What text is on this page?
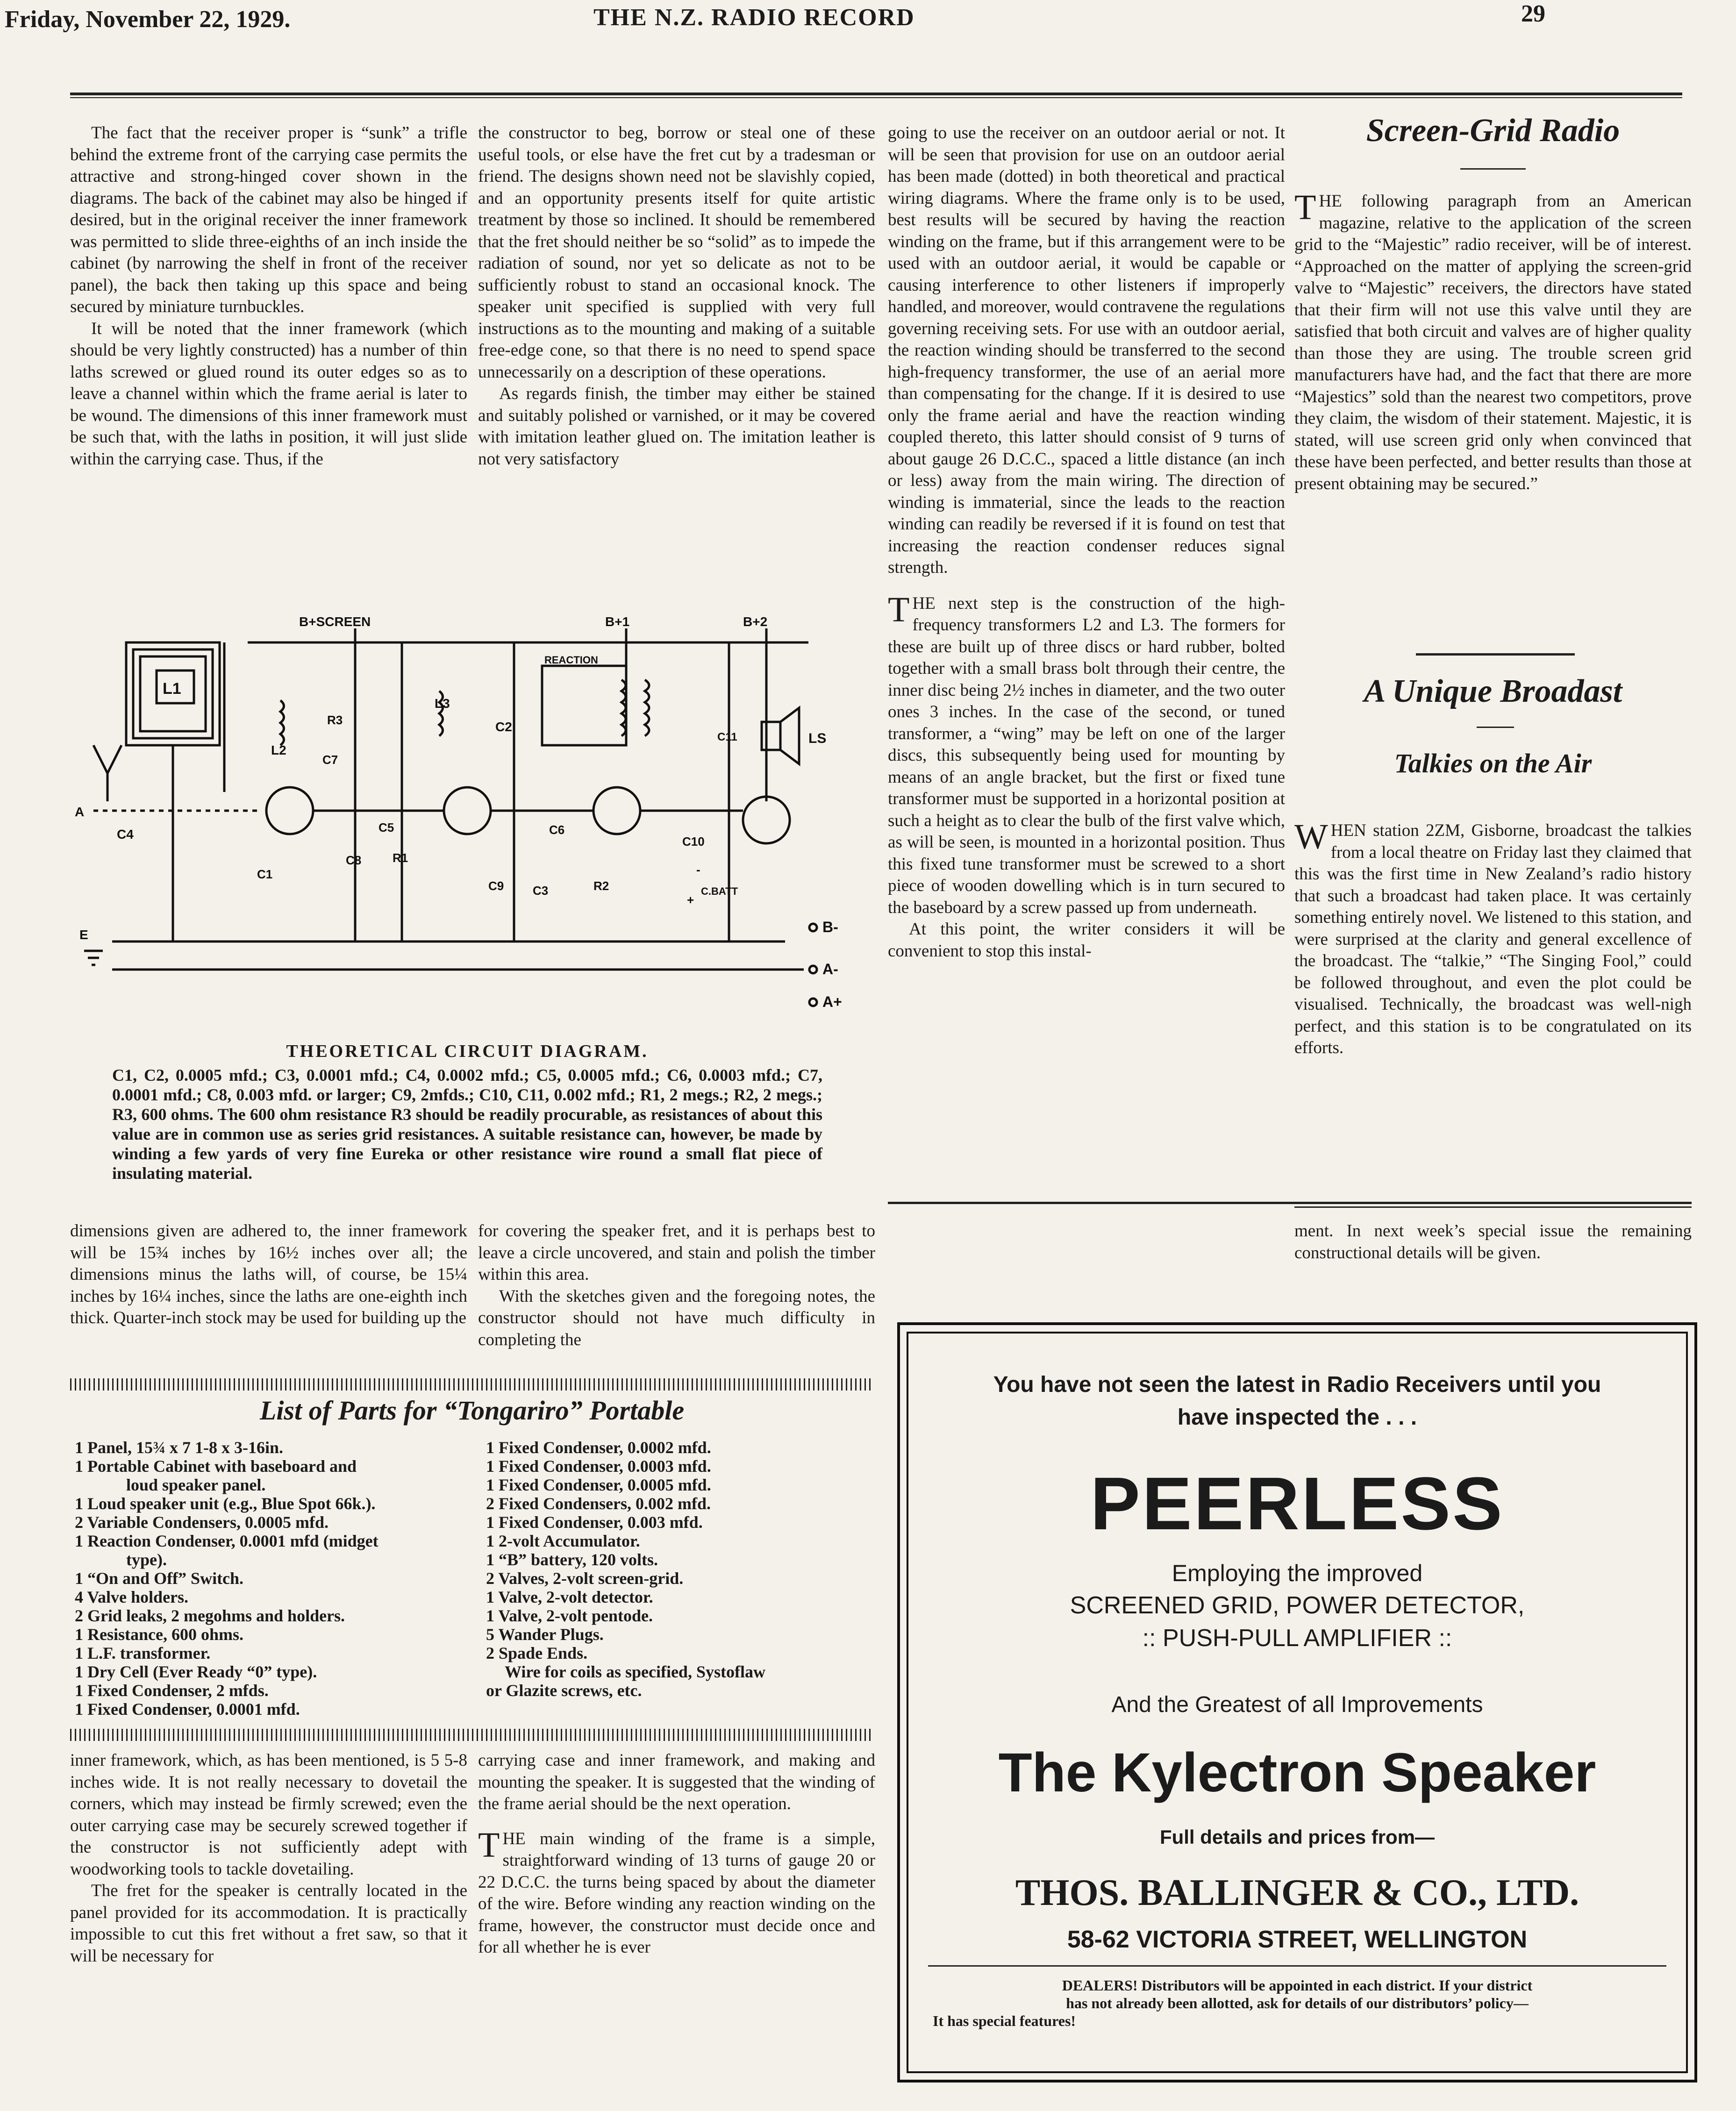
Friday, November 22, 1929.	THE N.Z. RADIO RECORD	29

The fact that the receiver proper is “sunk” a trifle behind the extreme front of the carrying case permits the attractive and strong-hinged cover shown in the diagrams. The back of the cabinet may also be hinged if desired, but in the original receiver the inner framework was permitted to slide three-eighths of an inch inside the cabinet (by narrowing the shelf in front of the receiver panel), the back then taking up this space and being secured by miniature turnbuckles.

It will be noted that the inner framework (which should be very lightly constructed) has a number of thin laths screwed or glued round its outer edges so as to leave a channel within which the frame aerial is later to be wound. The dimensions of this inner framework must be such that, with the laths in position, it will just slide within the carrying case. Thus, if the

the constructor to beg, borrow or steal one of these useful tools, or else have the fret cut by a tradesman or friend. The designs shown need not be slavishly copied, and an opportunity presents itself for quite artistic treatment by those so inclined. It should be remembered that the fret should neither be so “solid” as to impede the radiation of sound, nor yet so delicate as not to be sufficiently robust to stand an occasional knock. The speaker unit specified is supplied with very full instructions as to the mounting and making of a suitable free-edge cone, so that there is no need to spend space unnecessarily on a description of these operations.

As regards finish, the timber may either be stained and suitably polished or varnished, or it may be covered with imitation leather glued on. The imitation leather is not very satisfactory

going to use the receiver on an outdoor aerial or not. It will be seen that provision for use on an outdoor aerial has been made (dotted) in both theoretical and practical wiring diagrams. Where the frame only is to be used, best results will be secured by having the reaction winding on the frame, but if this arrangement were to be used with an outdoor aerial, it would be capable or causing interference to other listeners if improperly handled, and moreover, would contravene the regulations governing receiving sets. For use with an outdoor aerial, the reaction winding should be transferred to the second high-frequency transformer, the use of an aerial more than compensating for the change. If it is desired to use only the frame aerial and have the reaction winding coupled thereto, this latter should consist of 9 turns of about gauge 26 D.C.C., spaced a little distance (an inch or less) away from the main wiring. The direction of winding is immaterial, since the leads to the reaction winding can readily be reversed if it is found on test that increasing the reaction condenser reduces signal strength.

THE next step is the construction of the high-frequency transformers L2 and L3. The formers for these are built up of three discs or hard rubber, bolted together with a small brass bolt through their centre, the inner disc being 2½ inches in diameter, and the two outer ones 3 inches. In the case of the second, or tuned transformer, a “wing” may be left on one of the larger discs, this subsequently being used for mounting by means of an angle bracket, but the first or fixed tune transformer must be supported in a horizontal position at such a height as to clear the bulb of the first valve which, as will be seen, is mounted in a horizontal position. Thus this fixed tune transformer must be screwed to a short piece of wooden dowelling which is in turn secured to the baseboard by a screw passed up from underneath.

At this point, the writer considers it will be convenient to stop this instal-

L1
B+SCREEN	B+1	B+2
L2
L3
C2
R3
C7
REACTION
LS
C11
A
C4	C5
C8	R1
C1
C9
C6
C3	R2
C10
C.BATT
+
-
E	B-
A-
A+
THEORETICAL CIRCUIT DIAGRAM.
C1, C2, 0.0005 mfd.; C3, 0.0001 mfd.; C4, 0.0002 mfd.; C5, 0.0005 mfd.; C6, 0.0003 mfd.; C7, 0.0001 mfd.; C8, 0.003 mfd. or larger; C9, 2mfds.; C10, C11, 0.002 mfd.; R1, 2 megs.; R2, 2 megs.; R3, 600 ohms. The 600 ohm resistance R3 should be readily procurable, as resistances of about this value are in common use as series grid resistances. A suitable resistance can, however, be made by winding a few yards of very fine Eureka or other resistance wire round a small flat piece of insulating material.

dimensions given are adhered to, the inner framework will be 15¾ inches by 16½ inches over all; the dimensions minus the laths will, of course, be 15¼ inches by 16¼ inches, since the laths are one-eighth inch thick. Quarter-inch stock may be used for building up the

for covering the speaker fret, and it is perhaps best to leave a circle uncovered, and stain and polish the timber within this area.

With the sketches given and the foregoing notes, the constructor should not have much difficulty in completing the

List of Parts for “Tongariro” Portable
1 Panel, 15¾ x 7 1-8 x 3-16in.
1 Portable Cabinet with baseboard and
loud speaker panel.
1 Loud speaker unit (e.g., Blue Spot 66k.).
2 Variable Condensers, 0.0005 mfd.
1 Reaction Condenser, 0.0001 mfd (midget
type).
1 “On and Off” Switch.
4 Valve holders.
2 Grid leaks, 2 megohms and holders.
1 Resistance, 600 ohms.
1 L.F. transformer.
1 Dry Cell (Ever Ready “0” type).
1 Fixed Condenser, 2 mfds.
1 Fixed Condenser, 0.0001 mfd.
1 Fixed Condenser, 0.0002 mfd.
1 Fixed Condenser, 0.0003 mfd.
1 Fixed Condenser, 0.0005 mfd.
2 Fixed Condensers, 0.002 mfd.
1 Fixed Condenser, 0.003 mfd.
1 2-volt Accumulator.
1 “B” battery, 120 volts.
2 Valves, 2-volt screen-grid.
1 Valve, 2-volt detector.
1 Valve, 2-volt pentode.
5 Wander Plugs.
2 Spade Ends.
Wire for coils as specified, Systoflaw
or Glazite screws, etc.

inner framework, which, as has been mentioned, is 5 5-8 inches wide. It is not really necessary to dovetail the corners, which may instead be firmly screwed; even the outer carrying case may be securely screwed together if the constructor is not sufficiently adept with woodworking tools to tackle dovetailing.

The fret for the speaker is centrally located in the panel provided for its accommodation. It is practically impossible to cut this fret without a fret saw, so that it will be necessary for

carrying case and inner framework, and making and mounting the speaker. It is suggested that the winding of the frame aerial should be the next operation.

THE main winding of the frame is a simple, straightforward winding of 13 turns of gauge 20 or 22 D.C.C. the turns being spaced by about the diameter of the wire. Before winding any reaction winding on the frame, however, the constructor must decide once and for all whether he is ever

Screen-Grid Radio

THE following paragraph from an American magazine, relative to the application of the screen grid to the “Majestic” radio receiver, will be of interest. “Approached on the matter of applying the screen-grid valve to “Majestic” receivers, the directors have stated that their firm will not use this valve until they are satisfied that both circuit and valves are of higher quality than those they are using. The trouble screen grid manufacturers have had, and the fact that there are more “Majestics” sold than the nearest two competitors, prove they claim, the wisdom of their statement. Majestic, it is stated, will use screen grid only when convinced that these have been perfected, and better results than those at present obtaining may be secured.”

A Unique Broadast
Talkies on the Air

WHEN station 2ZM, Gisborne, broadcast the talkies from a local theatre on Friday last they claimed that this was the first time in New Zealand’s radio history that such a broadcast had taken place. It was certainly something entirely novel. We listened to this station, and were surprised at the clarity and general excellence of the broadcast. The “talkie,” “The Singing Fool,” could be followed throughout, and even the plot could be visualised. Technically, the broadcast was well-nigh perfect, and this station is to be congratulated on its efforts.

ment. In next week’s special issue the remaining constructional details will be given.

You have not seen the latest in Radio Receivers until you
have inspected the . . .
PEERLESS
Employing the improved
SCREENED GRID, POWER DETECTOR,
:: PUSH-PULL AMPLIFIER ::
And the Greatest of all Improvements
The Kylectron Speaker
Full details and prices from—
THOS. BALLINGER & CO., LTD.
58-62 VICTORIA STREET, WELLINGTON
DEALERS! Distributors will be appointed in each district. If your district
has not already been allotted, ask for details of our distributors’ policy—
It has special features!
